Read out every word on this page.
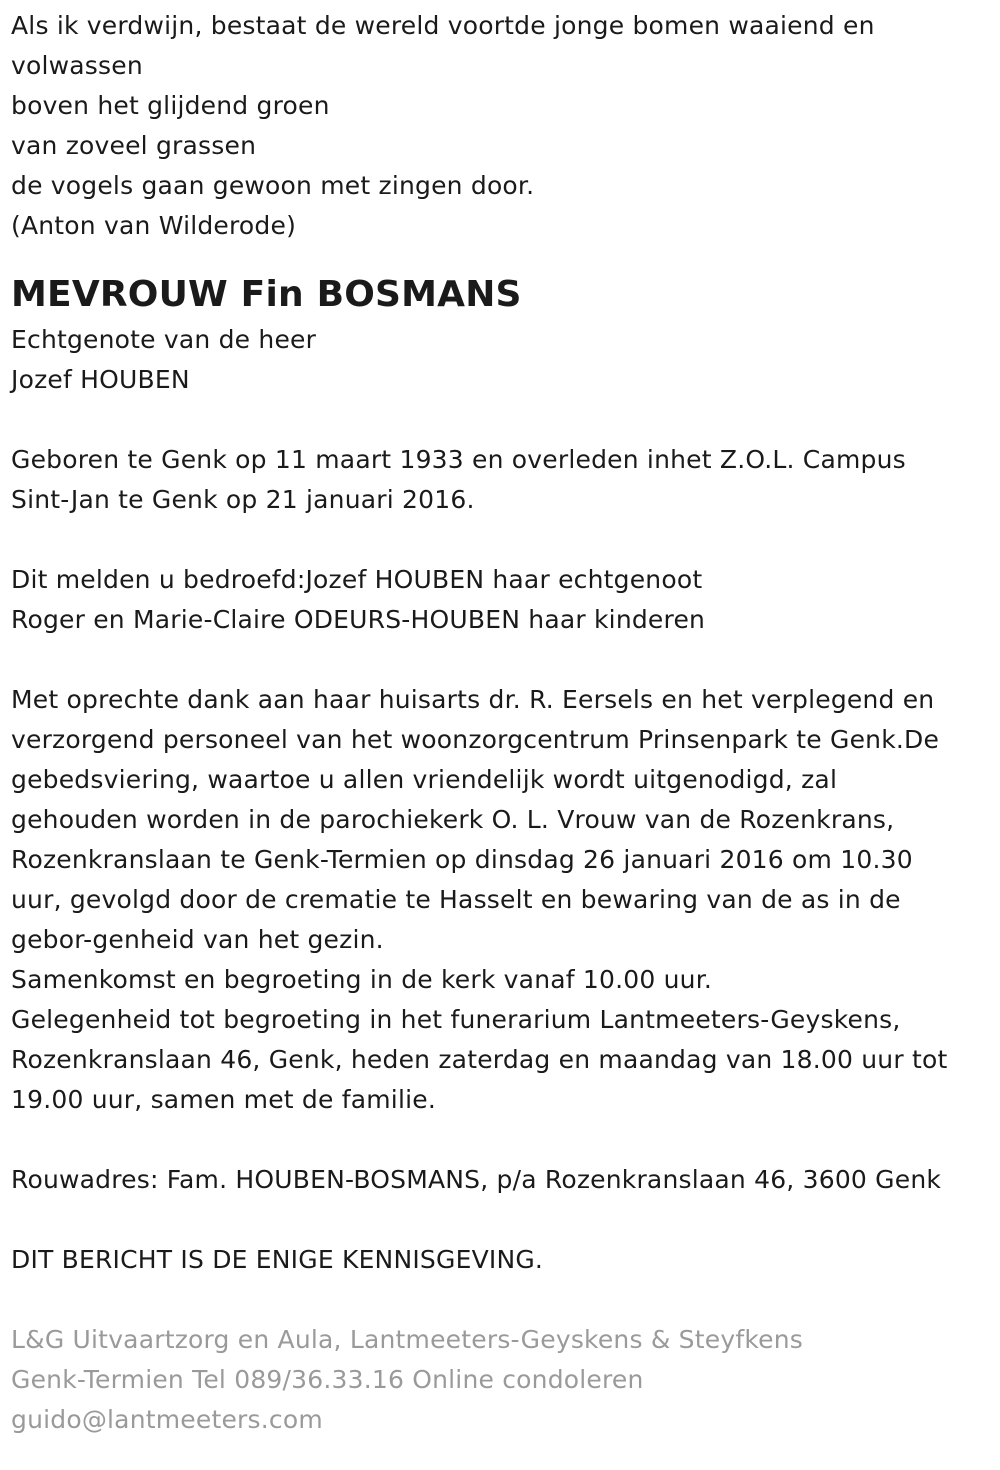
Als ik verdwijn, bestaat de wereld voortde jonge bomen waaiend en
volwassen
boven het glijdend groen
van zoveel grassen
de vogels gaan gewoon met zingen door.
(Anton van Wilderode)
MEVROUW Fin BOSMANS
Echtgenote van de heer
Jozef HOUBEN
Geboren te Genk op 11 maart 1933 en overleden inhet Z.O.L. Campus
Sint-Jan te Genk op 21 januari 2016.
Dit melden u bedroefd:Jozef HOUBEN haar echtgenoot
Roger en Marie-Claire ODEURS-HOUBEN haar kinderen
Met oprechte dank aan haar huisarts dr. R. Eersels en het verplegend en
verzorgend personeel van het woonzorgcentrum Prinsenpark te Genk.De
gebedsviering, waartoe u allen vriendelijk wordt uitgenodigd, zal
gehouden worden in de parochiekerk O. L. Vrouw van de Rozenkrans,
Rozenkranslaan te Genk-Termien op dinsdag 26 januari 2016 om 10.30
uur, gevolgd door de crematie te Hasselt en bewaring van de as in de
gebor-genheid van het gezin.
Samenkomst en begroeting in de kerk vanaf 10.00 uur.
Gelegenheid tot begroeting in het funerarium Lantmeeters-Geyskens,
Rozenkranslaan 46, Genk, heden zaterdag en maandag van 18.00 uur tot
19.00 uur, samen met de familie.
Rouwadres: Fam. HOUBEN-BOSMANS, p/a Rozenkranslaan 46, 3600 Genk
DIT BERICHT IS DE ENIGE KENNISGEVING.
L&G Uitvaartzorg en Aula, Lantmeeters-Geyskens & Steyfkens
Genk-Termien Tel 089/36.33.16 Online condoleren
guido@lantmeeters.com
